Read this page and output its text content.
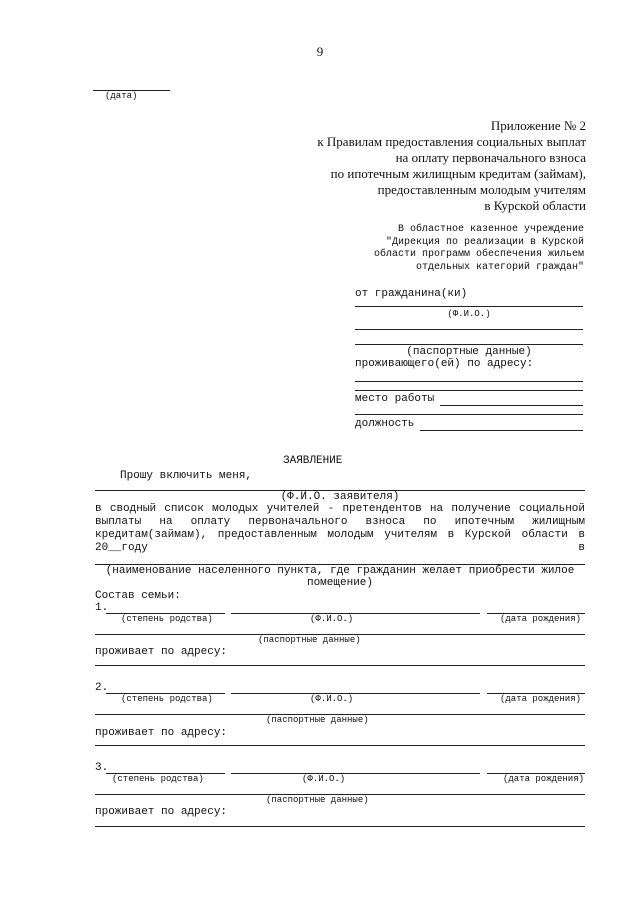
9
(дата)
Приложение № 2
к Правилам предоставления социальных выплат
на оплату первоначального взноса
по ипотечным жилищным кредитам (займам),
предоставленным молодым учителям
в Курской области
В областное казенное учреждение
"Дирекция по реализации в Курской
области программ обеспечения жильем
отдельных категорий граждан"
от гражданина(ки)
(Ф.И.О.)
(паспортные данные)
проживающего(ей) по адресу:
место работы
должность
ЗАЯВЛЕНИЕ
Прошу включить меня,
(Ф.И.О. заявителя)
в сводный список молодых учителей - претендентов на получение социальной
выплаты на оплату первоначального взноса по ипотечным жилищным
кредитам(займам), предоставленным молодым учителям в Курской области в
20__году	в
(наименование населенного пункта, где гражданин желает приобрести жилое
помещение)
Состав семьи:
1.
(степень родства)	(Ф.И.О.)	(дата рождения)
(паспортные данные)
проживает по адресу:
2.
(степень родства)	(Ф.И.О.)	(дата рождения)
(паспортные данные)
проживает по адресу:
3.
(степень родства)	(Ф.И.О.)	(дата рождения)
(паспортные данные)
проживает по адресу:
